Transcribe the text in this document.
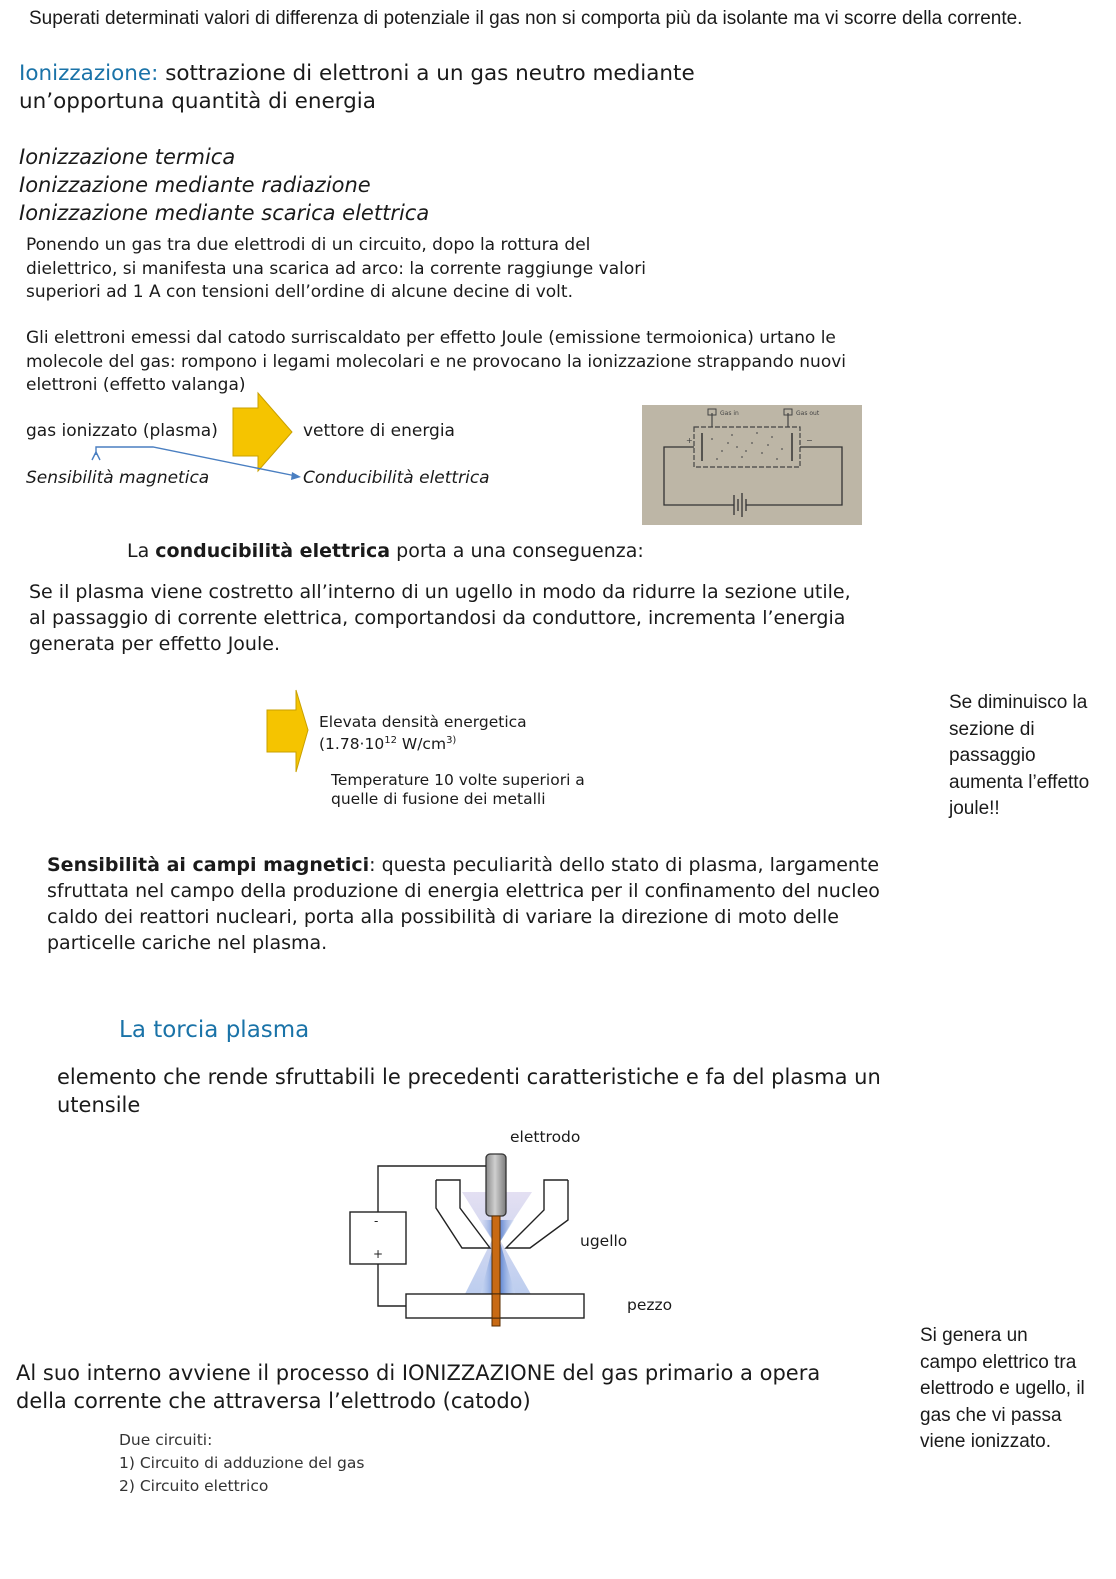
Superati determinati valori di differenza di potenziale il gas non si comporta più da isolante ma vi scorre della corrente.
Ionizzazione: sottrazione di elettroni a un gas neutro mediante un’opportuna quantità di energia
Ionizzazione termica
Ionizzazione mediante radiazione
Ionizzazione mediante scarica elettrica
Ponendo un gas tra due elettrodi di un circuito, dopo la rottura del dielettrico, si manifesta una scarica ad arco: la corrente raggiunge valori superiori ad 1 A con tensioni dell’ordine di alcune decine di volt.
Gli elettroni emessi dal catodo surriscaldato per effetto Joule (emissione termoionica) urtano le molecole del gas: rompono i legami molecolari e ne provocano la ionizzazione strappando nuovi elettroni (effetto valanga)
gas ionizzato (plasma)	vettore di energia
Sensibilità magnetica	Conducibilità elettrica
Gas in	Gas out
+	−
La conducibilità elettrica porta a una conseguenza:
Se il plasma viene costretto all’interno di un ugello in modo da ridurre la sezione utile, al passaggio di corrente elettrica, comportandosi da conduttore, incrementa l’energia generata per effetto Joule.
Elevata densità energetica
($1.78\cdot 10^{12}$ $W/cm^{3)}$
Temperature 10 volte superiori a quelle di fusione dei metalli
Se diminuisco la sezione di passaggio aumenta l’effetto joule!!
Sensibilità ai campi magnetici: questa peculiarità dello stato di plasma, largamente sfruttata nel campo della produzione di energia elettrica per il confinamento del nucleo caldo dei reattori nucleari, porta alla possibilità di variare la direzione di moto delle particelle cariche nel plasma.
La torcia plasma
elemento che rende sfruttabili le precedenti caratteristiche e fa del plasma un utensile
-
+
elettrodo
ugello
pezzo
Si genera un campo elettrico tra elettrodo e ugello, il gas che vi passa viene ionizzato.
Al suo interno avviene il processo di IONIZZAZIONE del gas primario a opera della corrente che attraversa l’elettrodo (catodo)
Due circuiti:
1) Circuito di adduzione del gas
2) Circuito elettrico
